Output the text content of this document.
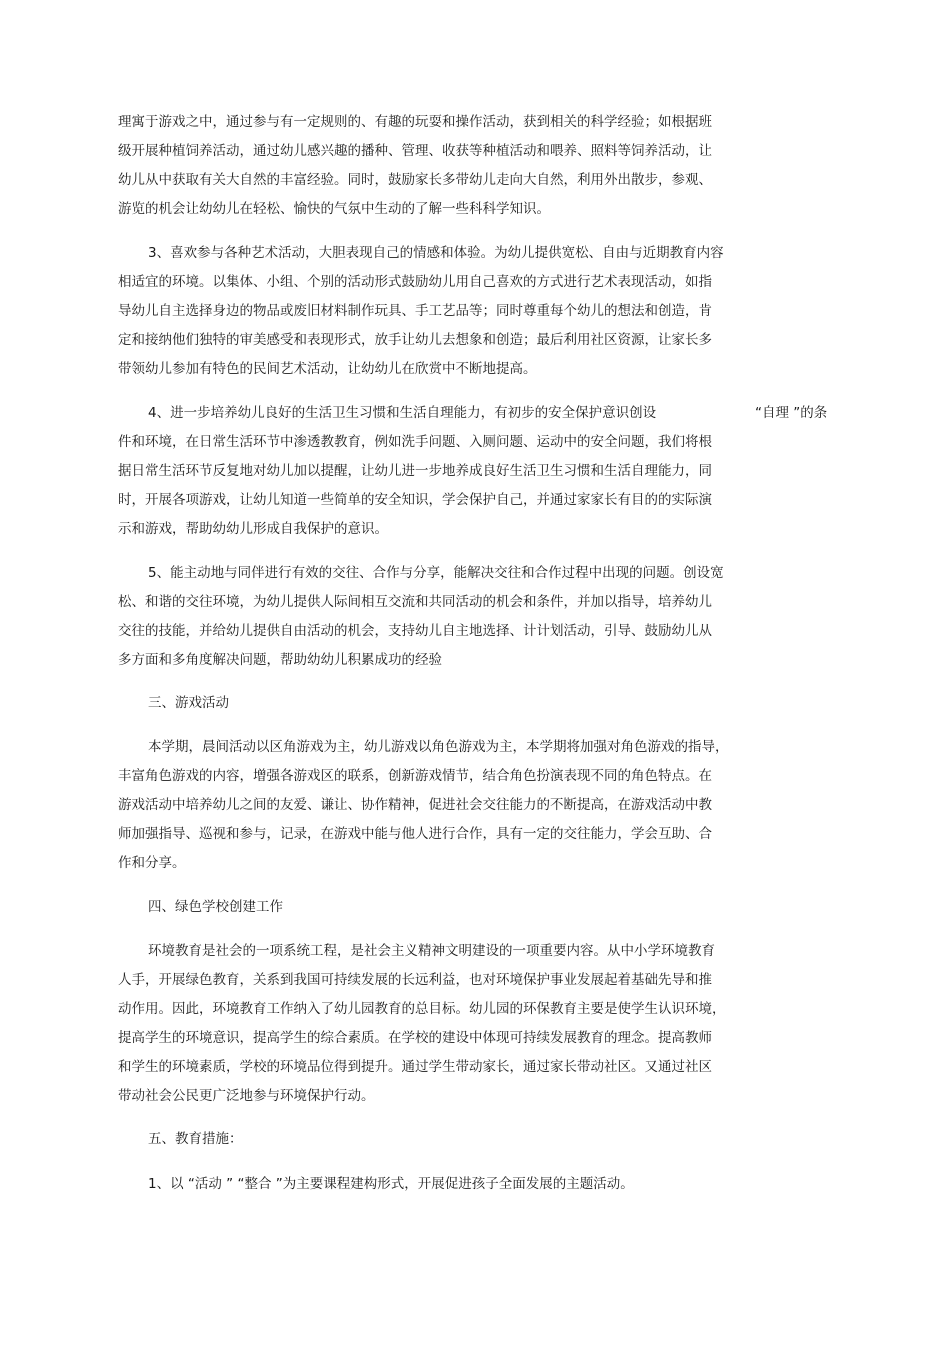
理寓于游戏之中，通过参与有一定规则的、有趣的玩耍和操作活动，获到相关的科学经验；如根据班
级开展种植饲养活动，通过幼儿感兴趣的播种、管理、收获等种植活动和喂养、照料等饲养活动，让
幼儿从中获取有关大自然的丰富经验。同时，鼓励家长多带幼儿走向大自然，利用外出散步，参观、
游览的机会让幼幼儿在轻松、愉快的气氛中生动的了解一些科科学知识。
3、喜欢参与各种艺术活动，大胆表现自己的情感和体验。为幼儿提供宽松、自由与近期教育内容
相适宜的环境。以集体、小组、个别的活动形式鼓励幼儿用自己喜欢的方式进行艺术表现活动，如指
导幼儿自主选择身边的物品或废旧材料制作玩具、手工艺品等；同时尊重每个幼儿的想法和创造，肯
定和接纳他们独特的审美感受和表现形式，放手让幼儿去想象和创造；最后利用社区资源，让家长多
带领幼儿参加有特色的民间艺术活动，让幼幼儿在欣赏中不断地提高。
4、进一步培养幼儿良好的生活卫生习惯和生活自理能力，有初步的安全保护意识创设	“自理 ”的条
件和环境，在日常生活环节中渗透教教育，例如洗手问题、入厕问题、运动中的安全问题，我们将根
据日常生活环节反复地对幼儿加以提醒，让幼儿进一步地养成良好生活卫生习惯和生活自理能力，同
时，开展各项游戏，让幼儿知道一些简单的安全知识，学会保护自己，并通过家家长有目的的实际演
示和游戏，帮助幼幼儿形成自我保护的意识。
5、能主动地与同伴进行有效的交往、合作与分享，能解决交往和合作过程中出现的问题。创设宽
松、和谐的交往环境，为幼儿提供人际间相互交流和共同活动的机会和条件，并加以指导，培养幼儿
交往的技能，并给幼儿提供自由活动的机会，支持幼儿自主地选择、计计划活动，引导、鼓励幼儿从
多方面和多角度解决问题，帮助幼幼儿积累成功的经验
三、游戏活动
本学期，晨间活动以区角游戏为主，幼儿游戏以角色游戏为主，本学期将加强对角色游戏的指导，
丰富角色游戏的内容，增强各游戏区的联系，创新游戏情节，结合角色扮演表现不同的角色特点。在
游戏活动中培养幼儿之间的友爱、谦让、协作精神，促进社会交往能力的不断提高，在游戏活动中教
师加强指导、巡视和参与，记录，在游戏中能与他人进行合作，具有一定的交往能力，学会互助、合
作和分享。
四、绿色学校创建工作
环境教育是社会的一项系统工程，是社会主义精神文明建设的一项重要内容。从中小学环境教育
人手，开展绿色教育，关系到我国可持续发展的长远利益，也对环境保护事业发展起着基础先导和推
动作用。因此，环境教育工作纳入了幼儿园教育的总目标。幼儿园的环保教育主要是使学生认识环境，
提高学生的环境意识，提高学生的综合素质。在学校的建设中体现可持续发展教育的理念。提高教师
和学生的环境素质，学校的环境品位得到提升。通过学生带动家长，通过家长带动社区。又通过社区
带动社会公民更广泛地参与环境保护行动。
五、教育措施：
1、以 “活动 ” “整合 ”为主要课程建构形式，开展促进孩子全面发展的主题活动。
